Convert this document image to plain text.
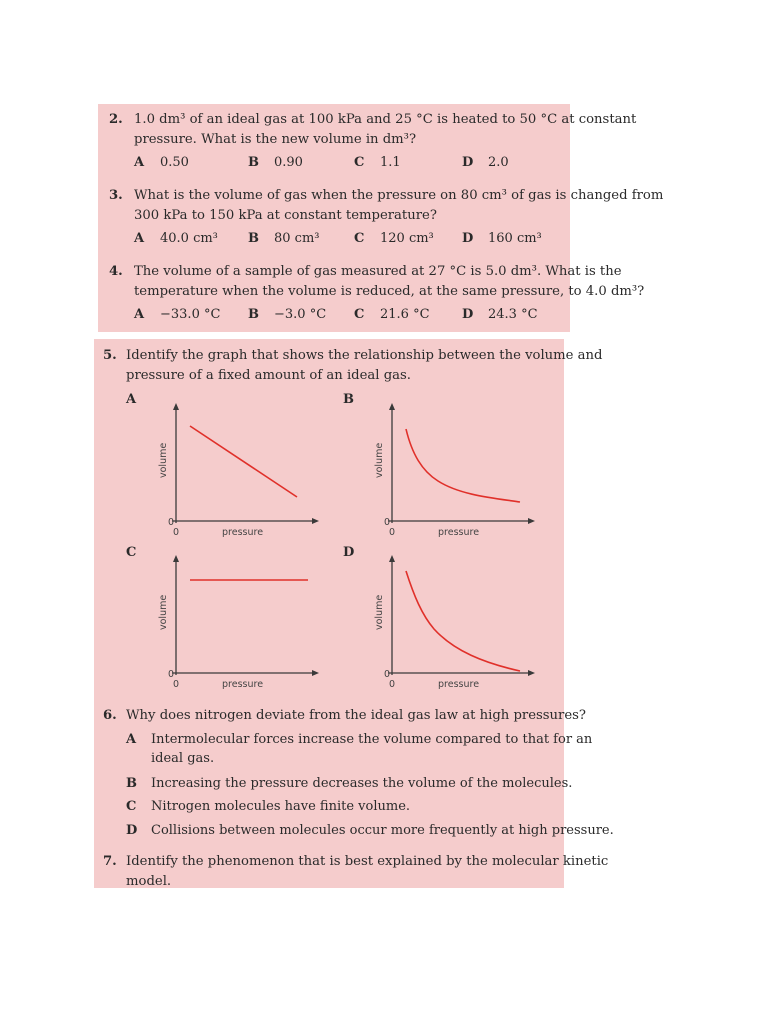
2. 1.0 dm³ of an ideal gas at 100 kPa and 25 °C is heated to 50 °C at constant
pressure. What is the new volume in dm³?
A 0.50	B 0.90	C 1.1	D 2.0
3. What is the volume of gas when the pressure on 80 cm³ of gas is changed from
300 kPa to 150 kPa at constant temperature?
A 40.0 cm³ B 80 cm³	C 120 cm³ D 160 cm³
4. The volume of a sample of gas measured at 27 °C is 5.0 dm³. What is the
temperature when the volume is reduced, at the same pressure, to 4.0 dm³?
A −33.0 °C B −3.0 °C C 21.6 °C D 24.3 °C
5. Identify the graph that shows the relationship between the volume and
pressure of a fixed amount of an ideal gas.
A
0
0
volume
pressure
B
0
0
volume
pressure
C
0
0
volume
pressure
D
0
0
volume
pressure
6. Why does nitrogen deviate from the ideal gas law at high pressures?
A Intermolecular forces increase the volume compared to that for an
ideal gas.
B Increasing the pressure decreases the volume of the molecules.
C Nitrogen molecules have finite volume.
D Collisions between molecules occur more frequently at high pressure.
7. Identify the phenomenon that is best explained by the molecular kinetic
model.
